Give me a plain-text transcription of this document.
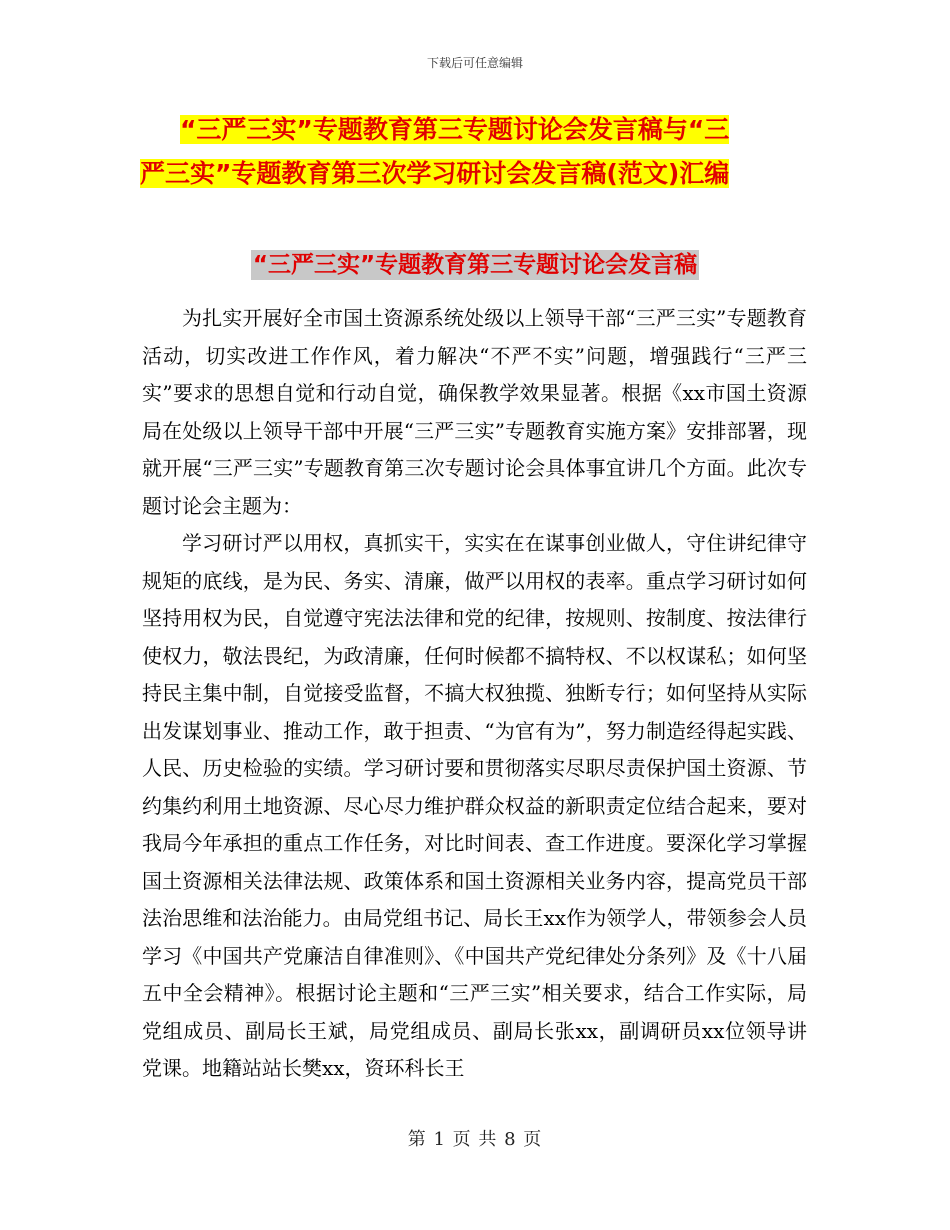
下载后可任意编辑
“三严三实”专题教育第三专题讨论会发言稿与“三
严三实”专题教育第三次学习研讨会发言稿(范文)汇编
“三严三实”专题教育第三专题讨论会发言稿

为扎实开展好全市国土资源系统处级以上领导干部“三严三实”专题教育活动，切实改进工作作风，着力解决“不严不实”问题，增强践行“三严三实”要求的思想自觉和行动自觉，确保教学效果显著。根据《xx市国土资源局在处级以上领导干部中开展“三严三实”专题教育实施方案》安排部署，现就开展“三严三实”专题教育第三次专题讨论会具体事宜讲几个方面。此次专题讨论会主题为：

学习研讨严以用权，真抓实干，实实在在谋事创业做人，守住讲纪律守规矩的底线，是为民、务实、清廉，做严以用权的表率。重点学习研讨如何坚持用权为民，自觉遵守宪法法律和党的纪律，按规则、按制度、按法律行使权力，敬法畏纪，为政清廉，任何时候都不搞特权、不以权谋私；如何坚持民主集中制，自觉接受监督，不搞大权独揽、独断专行；如何坚持从实际出发谋划事业、推动工作，敢于担责、“为官有为”，努力制造经得起实践、人民、历史检验的实绩。学习研讨要和贯彻落实尽职尽责保护国土资源、节约集约利用土地资源、尽心尽力维护群众权益的新职责定位结合起来，要对我局今年承担的重点工作任务，对比时间表、查工作进度。要深化学习掌握国土资源相关法律法规、政策体系和国土资源相关业务内容，提高党员干部法治思维和法治能力。由局党组书记、局长王xx作为领学人，带领参会人员学习《中国共产党廉洁自律准则》、《中国共产党纪律处分条列》及《十八届五中全会精神》。根据讨论主题和“三严三实”相关要求，结合工作实际，局党组成员、副局长王斌，局党组成员、副局长张xx，副调研员xx位领导讲党课。地籍站站长樊xx，资环科长王

第 1 页 共 8 页
